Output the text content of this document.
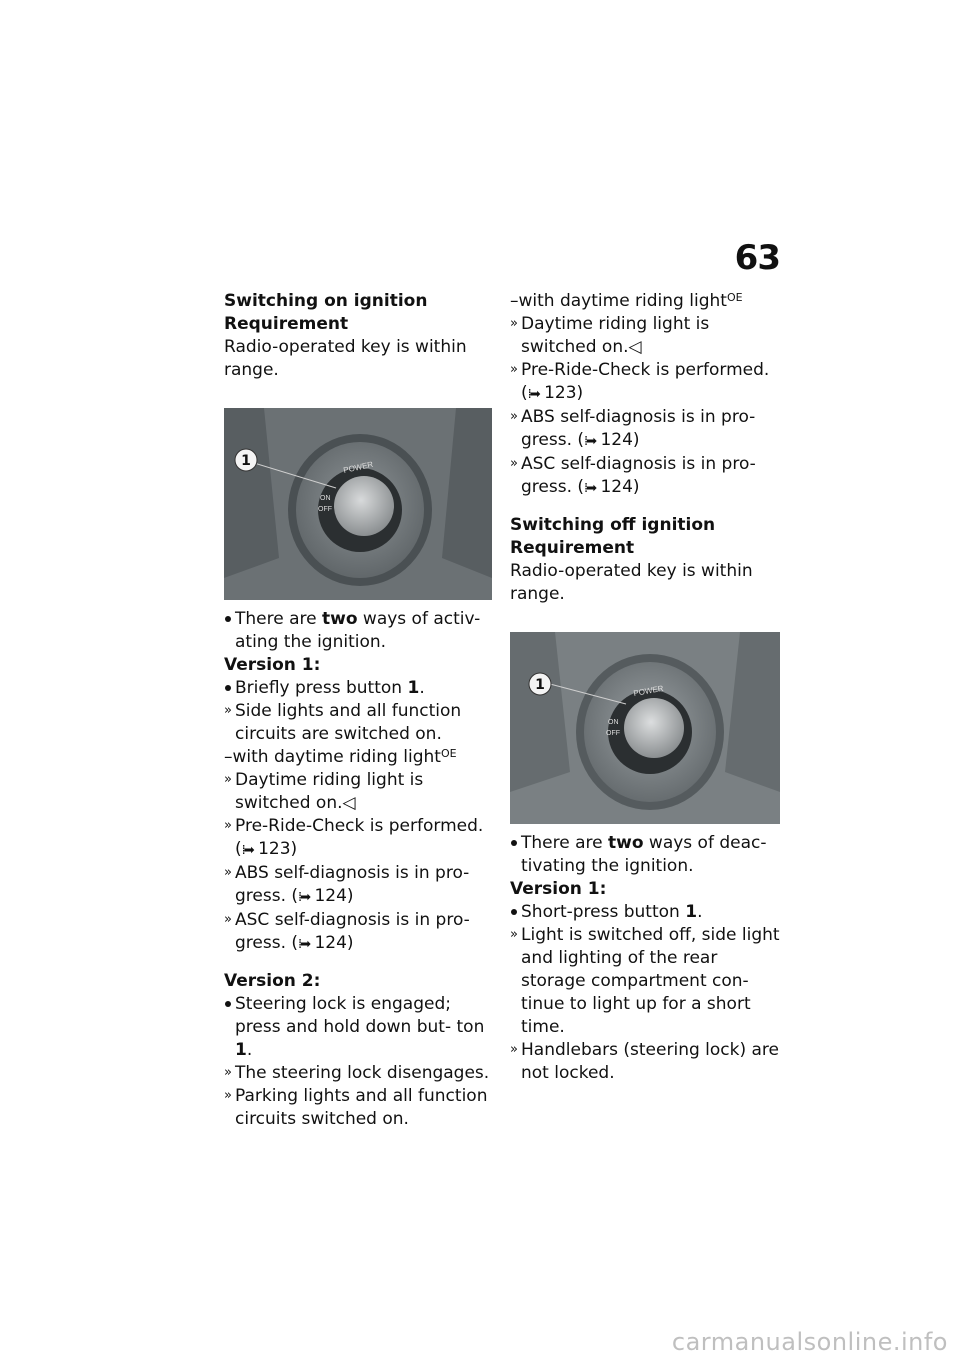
63

Switching on ignition

Requirement

Radio-operated key is within range.

POWER
ON
OFF
1
There are two ways of activ- ating the ignition.

Version 1:

Briefly press button 1.
Side lights and all function circuits are switched on.

–with daytime riding light$^{OE}$

Daytime riding light is switched on.◁
Pre-Ride-Check is performed. (⁞➡ 123)
ABS self-diagnosis is in pro- gress. (⁞➡ 124)
ASC self-diagnosis is in pro- gress. (⁞➡ 124)

Version 2:

Steering lock is engaged; press and hold down but- ton 1.
The steering lock disengages.
Parking lights and all function circuits switched on.

–with daytime riding light$^{OE}$

Daytime riding light is switched on.◁
Pre-Ride-Check is performed. (⁞➡ 123)
ABS self-diagnosis is in pro- gress. (⁞➡ 124)
ASC self-diagnosis is in pro- gress. (⁞➡ 124)

Switching off ignition

Requirement

Radio-operated key is within range.

POWER
ON
OFF
1
There are two ways of deac- tivating the ignition.

Version 1:

Short-press button 1.
Light is switched off, side light and lighting of the rear storage compartment con- tinue to light up for a short time.
Handlebars (steering lock) are not locked.
carmanualsonline.info
